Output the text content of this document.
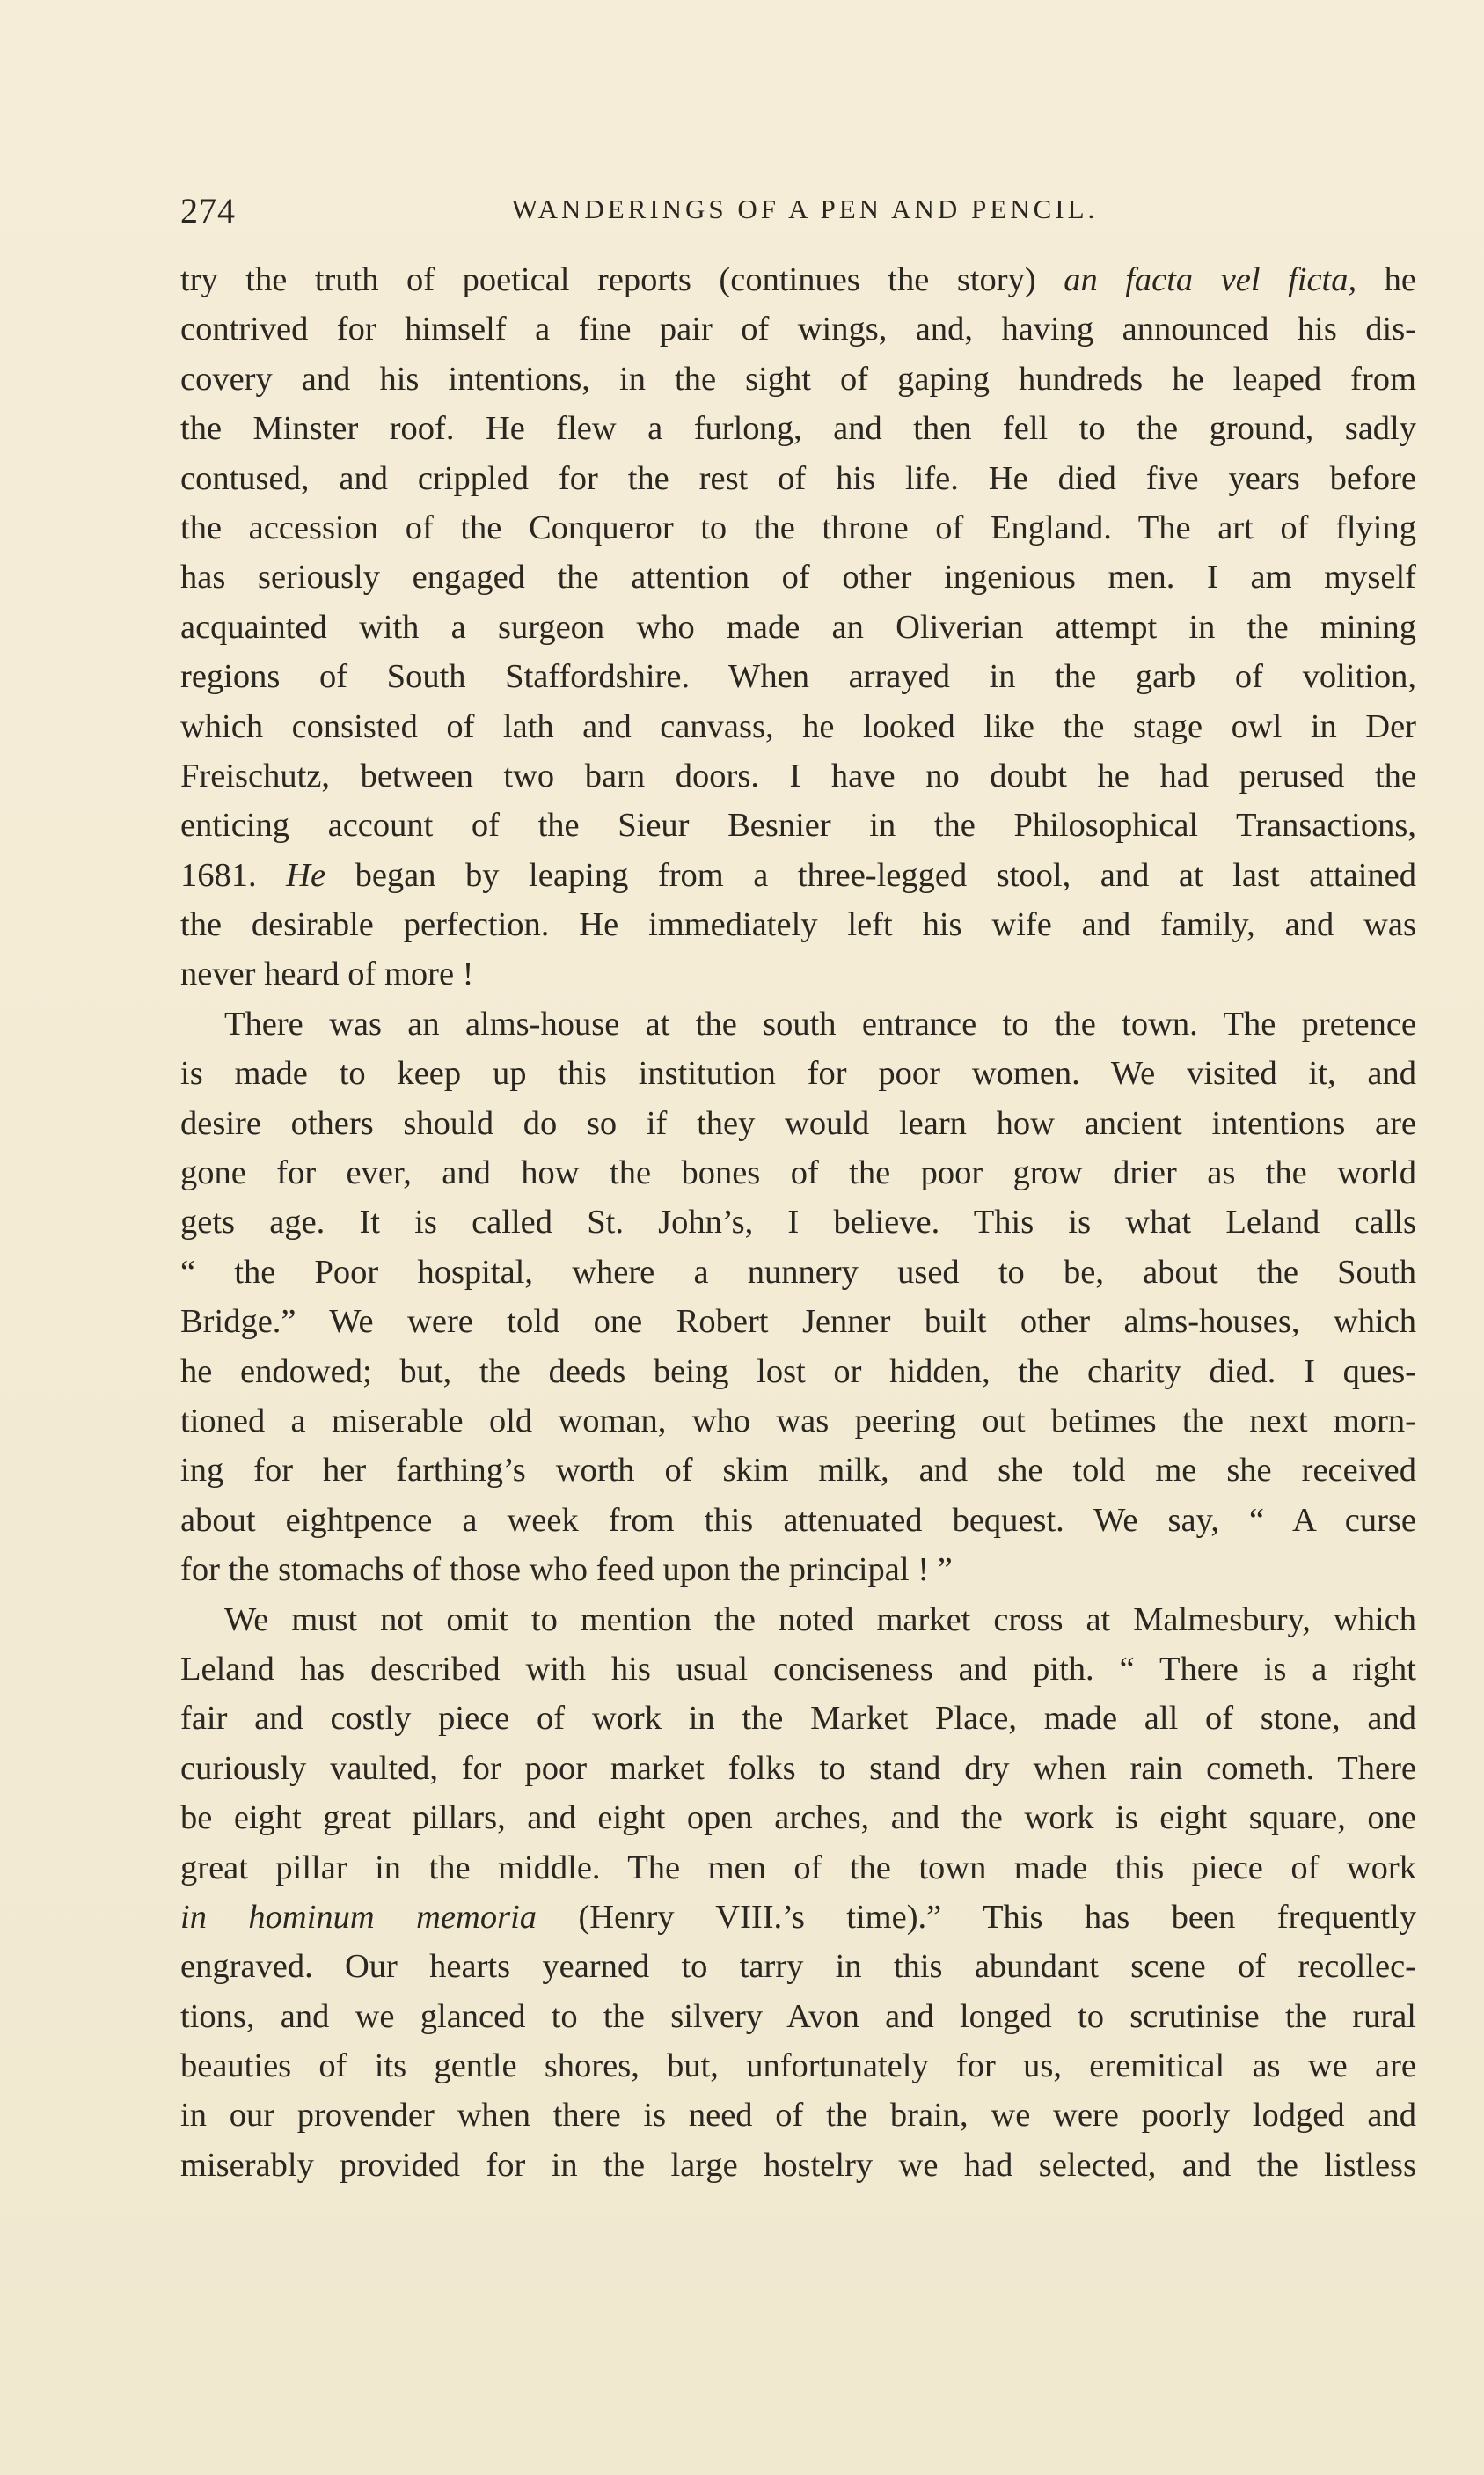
274	WANDERINGS OF A PEN AND PENCIL.
try the truth of poetical reports (continues the story) an facta vel ficta, he
contrived for himself a fine pair of wings, and, having announced his dis-
covery and his intentions, in the sight of gaping hundreds he leaped from
the Minster roof. He flew a furlong, and then fell to the ground, sadly
contused, and crippled for the rest of his life. He died five years before
the accession of the Conqueror to the throne of England. The art of flying
has seriously engaged the attention of other ingenious men. I am myself
acquainted with a surgeon who made an Oliverian attempt in the mining
regions of South Staffordshire. When arrayed in the garb of volition,
which consisted of lath and canvass, he looked like the stage owl in Der
Freischutz, between two barn doors. I have no doubt he had perused the
enticing account of the Sieur Besnier in the Philosophical Transactions,
1681. He began by leaping from a three-legged stool, and at last attained
the desirable perfection. He immediately left his wife and family, and was
never heard of more !
There was an alms-house at the south entrance to the town. The pretence
is made to keep up this institution for poor women. We visited it, and
desire others should do so if they would learn how ancient intentions are
gone for ever, and how the bones of the poor grow drier as the world
gets age. It is called St. John’s, I believe. This is what Leland calls
“ the Poor hospital, where a nunnery used to be, about the South
Bridge.” We were told one Robert Jenner built other alms-houses, which
he endowed; but, the deeds being lost or hidden, the charity died. I ques-
tioned a miserable old woman, who was peering out betimes the next morn-
ing for her farthing’s worth of skim milk, and she told me she received
about eightpence a week from this attenuated bequest. We say, “ A curse
for the stomachs of those who feed upon the principal ! ”
We must not omit to mention the noted market cross at Malmesbury, which
Leland has described with his usual conciseness and pith. “ There is a right
fair and costly piece of work in the Market Place, made all of stone, and
curiously vaulted, for poor market folks to stand dry when rain cometh. There
be eight great pillars, and eight open arches, and the work is eight square, one
great pillar in the middle. The men of the town made this piece of work
in hominum memoria (Henry VIII.’s time).” This has been frequently
engraved. Our hearts yearned to tarry in this abundant scene of recollec-
tions, and we glanced to the silvery Avon and longed to scrutinise the rural
beauties of its gentle shores, but, unfortunately for us, eremitical as we are
in our provender when there is need of the brain, we were poorly lodged and
miserably provided for in the large hostelry we had selected, and the listless
